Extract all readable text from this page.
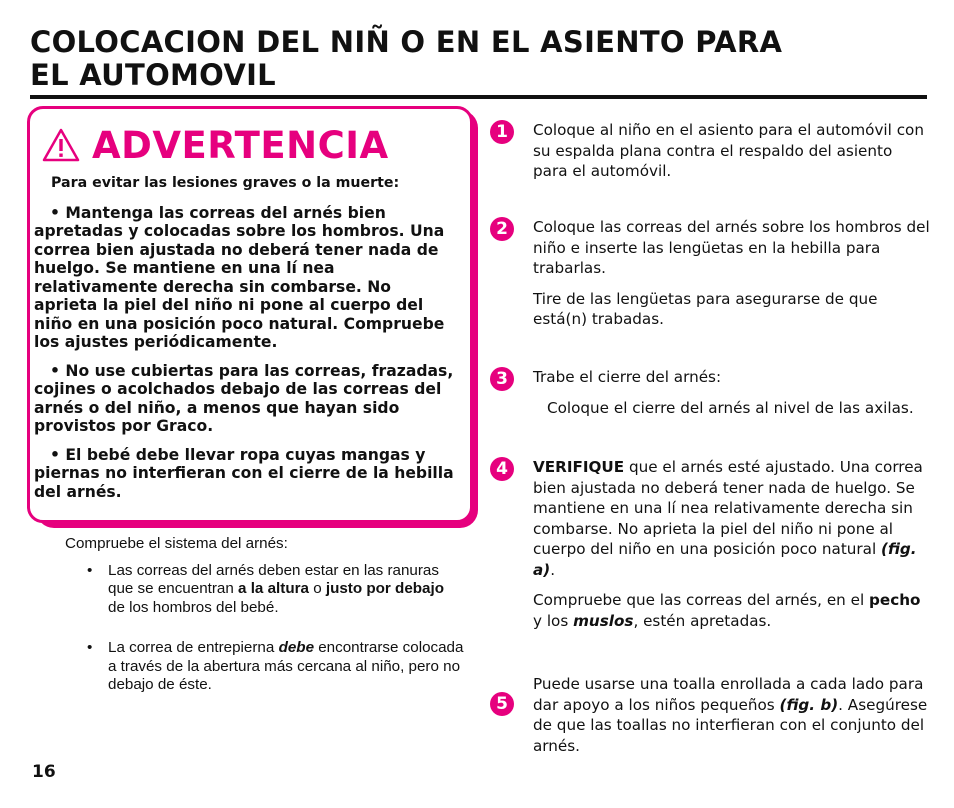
COLOCACION DEL NIÑ O EN EL ASIENTO PARA
EL AUTOMOVIL
ADVERTENCIA
Para evitar las lesiones graves o la muerte:
• Mantenga las correas del arnés bien apretadas y colocadas sobre los hombros. Una correa bien ajustada no deberá tener nada de huelgo. Se mantiene en una lí nea relativamente derecha sin combarse. No aprieta la piel del niño ni pone al cuerpo del niño en una posición poco natural. Compruebe los ajustes periódicamente.
• No use cubiertas para las correas, frazadas, cojines o acolchados debajo de las correas del arnés o del niño, a menos que hayan sido provistos por Graco.
• El bebé debe llevar ropa cuyas mangas y piernas no interfieran con el cierre de la hebilla del arnés.
Compruebe el sistema del arnés:
• Las correas del arnés deben estar en las ranuras que se encuentran a la altura o justo por debajo de los hombros del bebé.
• La correa de entrepierna debe encontrarse colocada a través de la abertura más cercana al niño, pero no debajo de éste.
16
1	Coloque al niño en el asiento para el automóvil con su espalda plana contra el respaldo del asiento para el automóvil.

2	Coloque las correas del arnés sobre los hombros del niño e inserte las lengüetas en la hebilla para trabarlas.

Tire de las lengüetas para asegurarse de que está(n) trabadas.

3	Trabe el cierre del arnés:

Coloque el cierre del arnés al nivel de las axilas.

4	VERIFIQUE que el arnés esté ajustado. Una correa bien ajustada no deberá tener nada de huelgo. Se mantiene en una lí nea relativamente derecha sin combarse. No aprieta la piel del niño ni pone al cuerpo del niño en una posición poco natural (fig. a).

Compruebe que las correas del arnés, en el pecho y los muslos, estén apretadas.

5

Puede usarse una toalla enrollada a cada lado para dar apoyo a los niños pequeños (fig. b). Asegúrese de que las toallas no interfieran con el conjunto del arnés.
